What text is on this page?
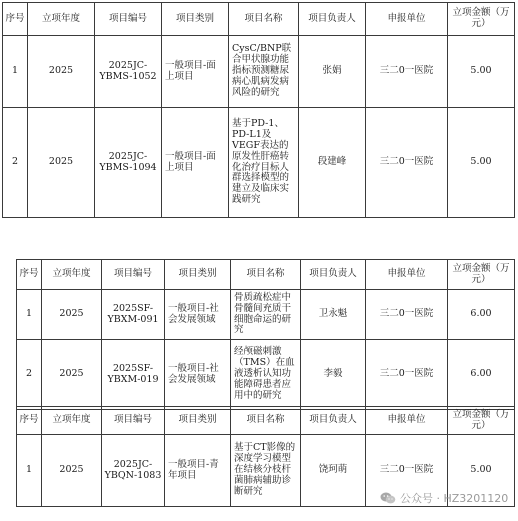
序号	立项年度	项目编号	项目类别	项目名称	项目负责人	申报单位	立项金额（万元）
1	2025	2025JC-YBMS-1052	一般项目-面上项目	CysC/BNP联合甲状腺功能指标预测糖尿病心肌病发病风险的研究	张娟	三二0一医院	5.00
2	2025	2025JC-YBMS-1094	一般项目-面上项目	基于PD-1、PD-L1及VEGF表达的原发性肝癌转化治疗目标人群选择模型的建立及临床实践研究	段建峰	三二0一医院	5.00
序号	立项年度	项目编号	项目类别	项目名称	项目负责人	申报单位	立项金额（万元）
1	2025	2025SF-YBXM-091	一般项目-社会发展领域	骨质疏松症中骨髓间充质干细胞命运的研究	卫永魁	三二0一医院	6.00
2	2025	2025SF-YBXM-019	一般项目-社会发展领域	经颅磁刺激（TMS）在血液透析认知功能障碍患者应用中的研究	李毅	三二0一医院	6.00
序号	立项年度	项目编号	项目类别	项目名称	项目负责人	申报单位	立项金额（万元）
1	2025	2025JC-YBQN-1083	一般项目-青年项目	基于CT影像的深度学习模型在结核分枝杆菌肺病辅助诊断研究	饶珂萌	三二0一医院	5.00
公众号 · HZ3201120
